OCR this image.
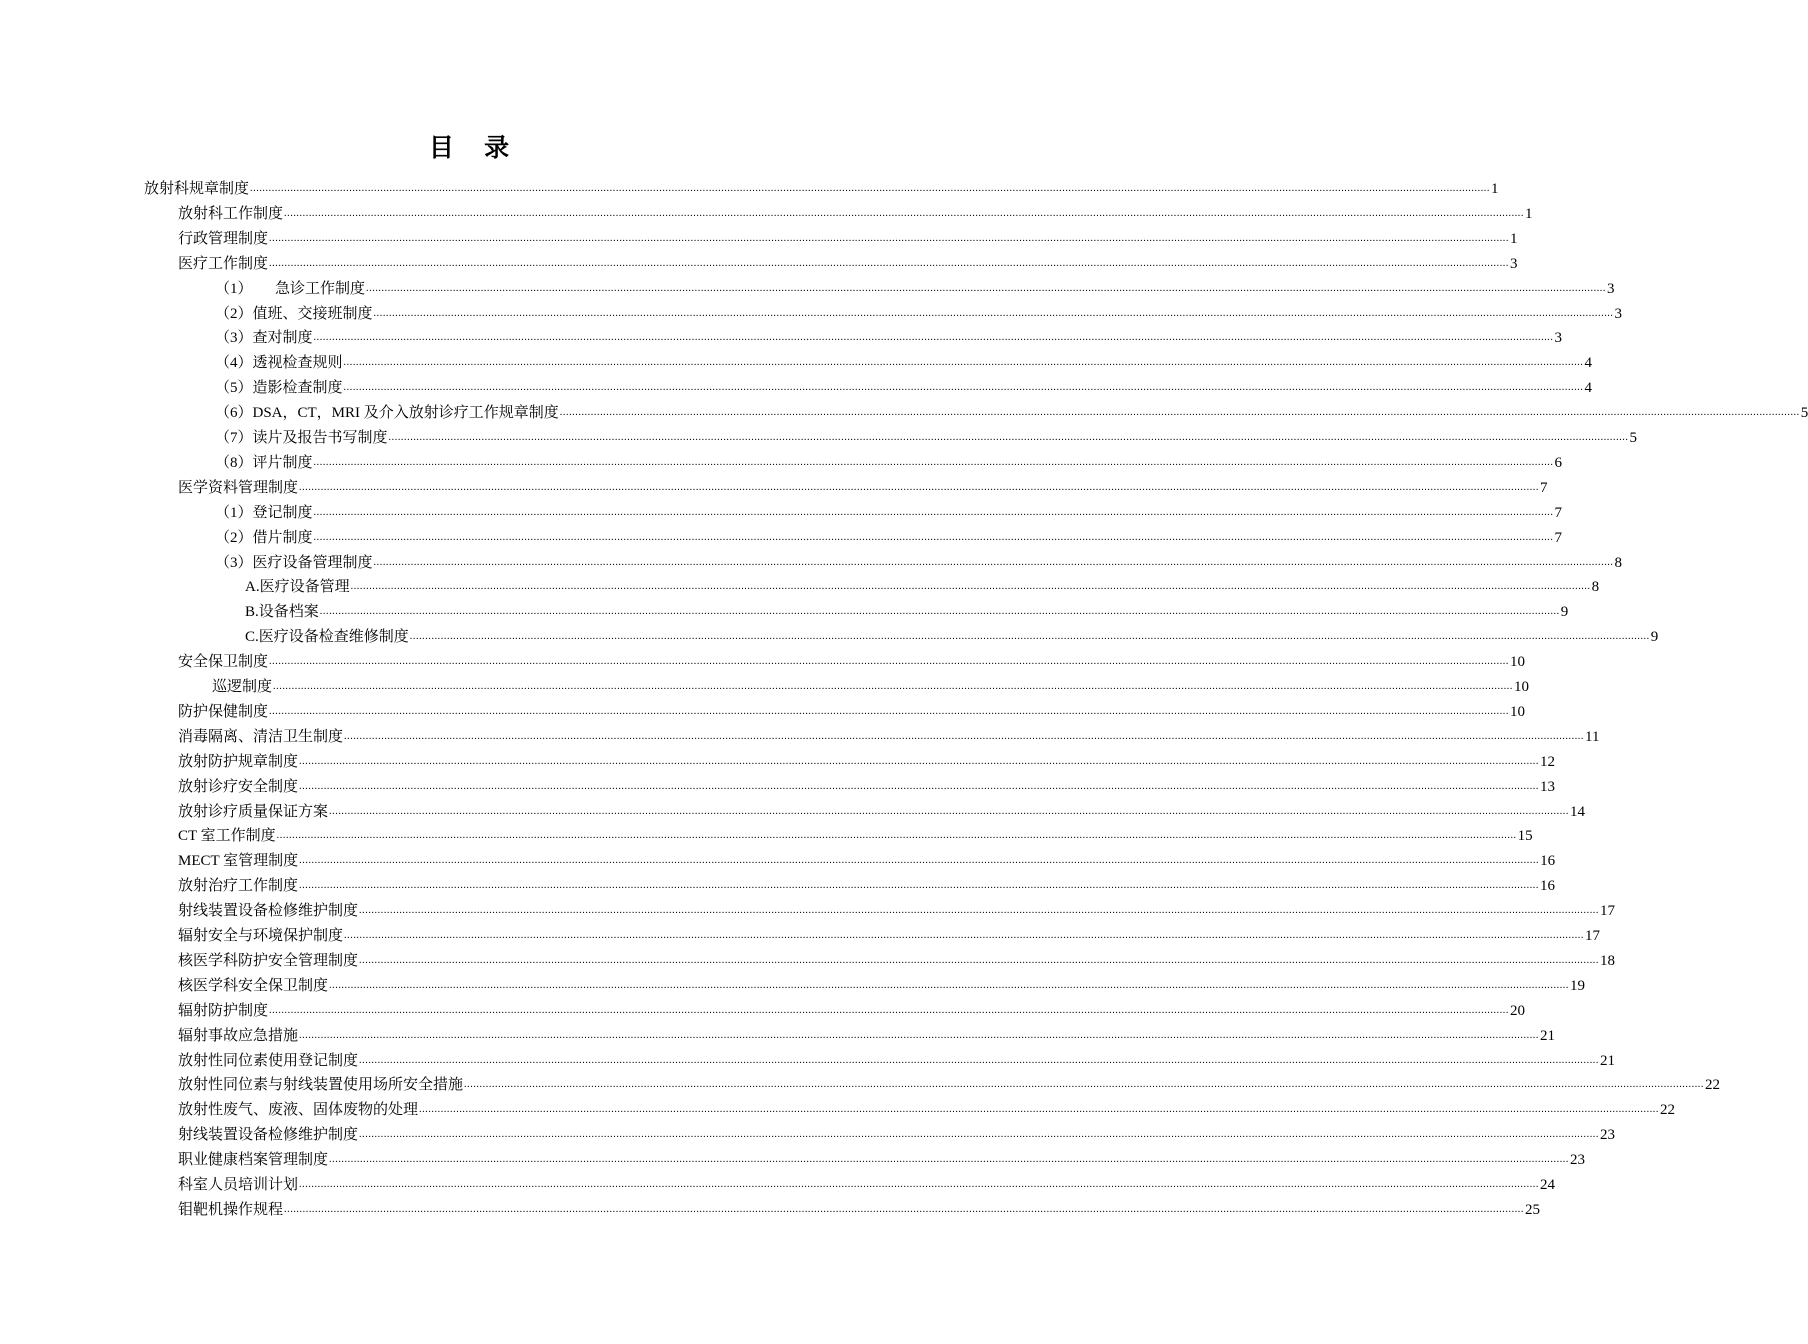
目 录
放射科规章制度 ................................................................................................................................................................................................................................................................................................................................................................................................................ 1
放射科工作制度 ................................................................................................................................................................................................................................................................................................................................................................................................................ 1
行政管理制度 ................................................................................................................................................................................................................................................................................................................................................................................................................ 1
医疗工作制度 ................................................................................................................................................................................................................................................................................................................................................................................................................ 3
（1）　　急诊工作制度 ................................................................................................................................................................................................................................................................................................................................................................................................................ 3
（2）值班、交接班制度 ................................................................................................................................................................................................................................................................................................................................................................................................................ 3
（3）查对制度 ................................................................................................................................................................................................................................................................................................................................................................................................................ 3
（4）透视检查规则 ................................................................................................................................................................................................................................................................................................................................................................................................................ 4
（5）造影检查制度 ................................................................................................................................................................................................................................................................................................................................................................................................................ 4
（6）DSA，CT，MRI 及介入放射诊疗工作规章制度 ................................................................................................................................................................................................................................................................................................................................................................................................................ 5
（7）读片及报告书写制度 ................................................................................................................................................................................................................................................................................................................................................................................................................ 5
（8）评片制度 ................................................................................................................................................................................................................................................................................................................................................................................................................ 6
医学资料管理制度 ................................................................................................................................................................................................................................................................................................................................................................................................................ 7
（1）登记制度 ................................................................................................................................................................................................................................................................................................................................................................................................................ 7
（2）借片制度 ................................................................................................................................................................................................................................................................................................................................................................................................................ 7
（3）医疗设备管理制度 ................................................................................................................................................................................................................................................................................................................................................................................................................ 8
A.医疗设备管理 ................................................................................................................................................................................................................................................................................................................................................................................................................ 8
B.设备档案 ................................................................................................................................................................................................................................................................................................................................................................................................................ 9
C.医疗设备检查维修制度 ................................................................................................................................................................................................................................................................................................................................................................................................................ 9
安全保卫制度 ................................................................................................................................................................................................................................................................................................................................................................................................................ 10
巡逻制度 ................................................................................................................................................................................................................................................................................................................................................................................................................ 10
防护保健制度 ................................................................................................................................................................................................................................................................................................................................................................................................................ 10
消毒隔离、清洁卫生制度 ................................................................................................................................................................................................................................................................................................................................................................................................................ 11
放射防护规章制度 ................................................................................................................................................................................................................................................................................................................................................................................................................ 12
放射诊疗安全制度 ................................................................................................................................................................................................................................................................................................................................................................................................................ 13
放射诊疗质量保证方案 ................................................................................................................................................................................................................................................................................................................................................................................................................ 14
CT 室工作制度 ................................................................................................................................................................................................................................................................................................................................................................................................................ 15
MECT 室管理制度 ................................................................................................................................................................................................................................................................................................................................................................................................................ 16
放射治疗工作制度 ................................................................................................................................................................................................................................................................................................................................................................................................................ 16
射线装置设备检修维护制度 ................................................................................................................................................................................................................................................................................................................................................................................................................ 17
辐射安全与环境保护制度 ................................................................................................................................................................................................................................................................................................................................................................................................................ 17
核医学科防护安全管理制度 ................................................................................................................................................................................................................................................................................................................................................................................................................ 18
核医学科安全保卫制度 ................................................................................................................................................................................................................................................................................................................................................................................................................ 19
辐射防护制度 ................................................................................................................................................................................................................................................................................................................................................................................................................ 20
辐射事故应急措施 ................................................................................................................................................................................................................................................................................................................................................................................................................ 21
放射性同位素使用登记制度 ................................................................................................................................................................................................................................................................................................................................................................................................................ 21
放射性同位素与射线装置使用场所安全措施 ................................................................................................................................................................................................................................................................................................................................................................................................................ 22
放射性废气、废液、固体废物的处理 ................................................................................................................................................................................................................................................................................................................................................................................................................ 22
射线装置设备检修维护制度 ................................................................................................................................................................................................................................................................................................................................................................................................................ 23
职业健康档案管理制度 ................................................................................................................................................................................................................................................................................................................................................................................................................ 23
科室人员培训计划 ................................................................................................................................................................................................................................................................................................................................................................................................................ 24
钼靶机操作规程 ................................................................................................................................................................................................................................................................................................................................................................................................................ 25
